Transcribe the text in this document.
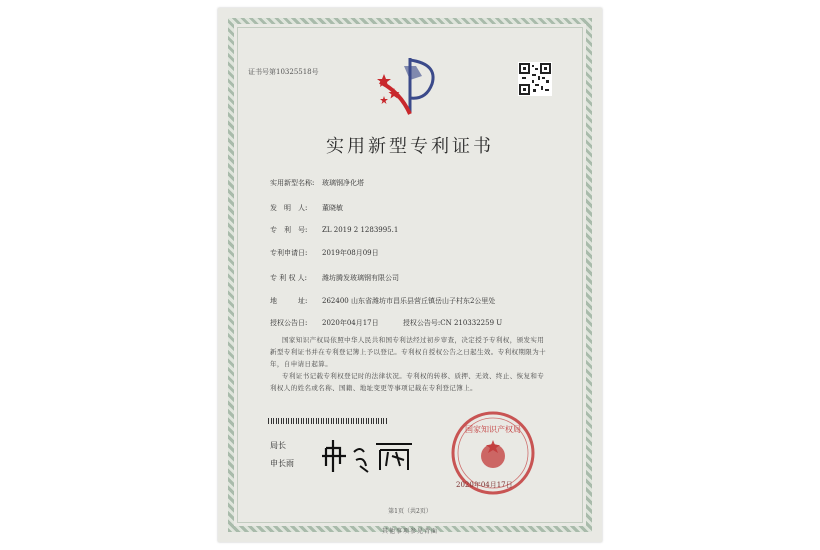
证书号第10325518号
实用新型专利证书
实用新型名称: 玻璃钢净化塔
发　明　人: 董晓敏
专　利　号: ZL 2019 2 1283995.1
专利申请日: 2019年08月09日
专 利 权 人: 潍坊腾发玻璃钢有限公司
地　　　址: 262400 山东省潍坊市昌乐县营丘镇岳山子村东2公里处
授权公告日: 2020年04月17日	授权公告号:CN 210332259 U
国家知识产权局依照中华人民共和国专利法经过初步审查，决定授予专利权，颁发实用新型专利证书并在专利登记簿上予以登记。专利权自授权公告之日起生效。专利权期限为十年，自申请日起算。
专利证书记载专利权登记时的法律状况。专利权的转移、质押、无效、终止、恢复和专利权人的姓名或名称、国籍、地址变更等事项记载在专利登记簿上。
局长
申长雨
国家知识产权局
2020年04月17日
第1页（共2页）
其他事项参见背面
